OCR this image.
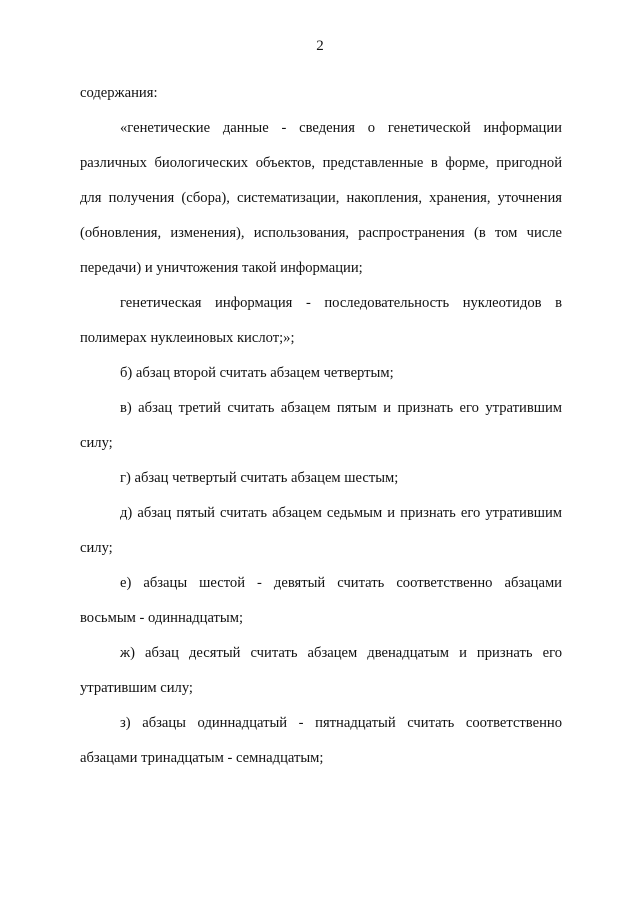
2

содержания:

«генетические данные - сведения о генетической информации различных биологических объектов, представленные в форме, пригодной для получения (сбора), систематизации, накопления, хранения, уточнения (обновления, изменения), использования, распространения (в том числе передачи) и уничтожения такой информации;

генетическая информация - последовательность нуклеотидов в полимерах нуклеиновых кислот;»;

б) абзац второй считать абзацем четвертым;

в) абзац третий считать абзацем пятым и признать его утратившим силу;

г) абзац четвертый считать абзацем шестым;

д) абзац пятый считать абзацем седьмым и признать его утратившим силу;

е) абзацы шестой - девятый считать соответственно абзацами восьмым - одиннадцатым;

ж) абзац десятый считать абзацем двенадцатым и признать его утратившим силу;

з) абзацы одиннадцатый - пятнадцатый считать соответственно абзацами тринадцатым - семнадцатым;
